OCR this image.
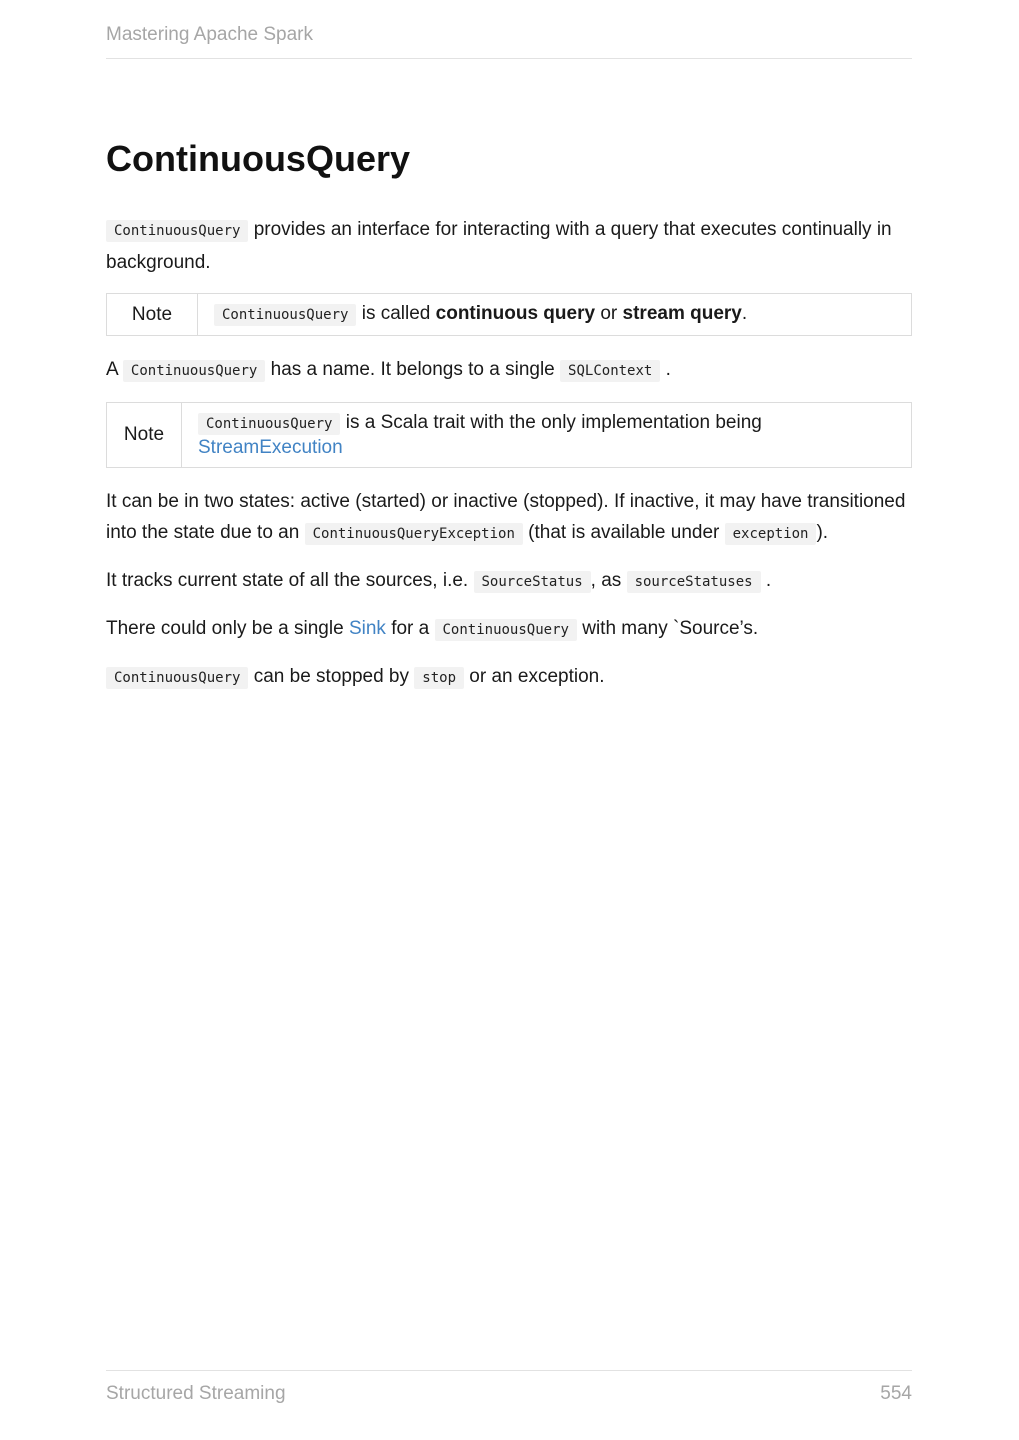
Mastering Apache Spark
ContinuousQuery

ContinuousQuery provides an interface for interacting with a query that executes continually in background.

Note	ContinuousQuery is called continuous query or stream query.

A ContinuousQuery has a name. It belongs to a single SQLContext .

Note	ContinuousQuery is a Scala trait with the only implementation being
StreamExecution

It can be in two states: active (started) or inactive (stopped). If inactive, it may have transitioned into the state due to an ContinuousQueryException (that is available under exception ).

It tracks current state of all the sources, i.e. SourceStatus , as sourceStatuses .

There could only be a single Sink for a ContinuousQuery with many `Source’s.

ContinuousQuery can be stopped by stop or an exception.

Structured Streaming	554
